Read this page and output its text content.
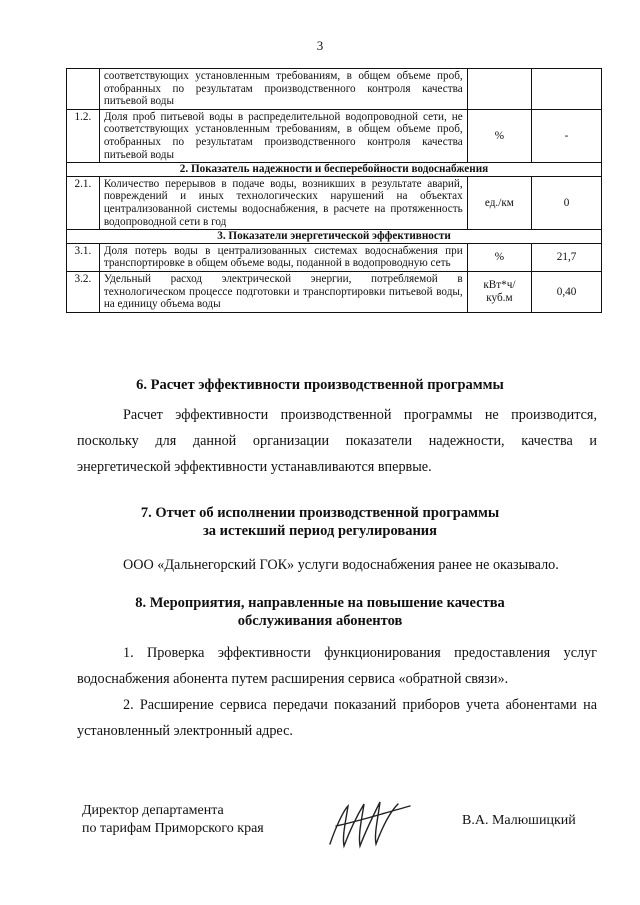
3
	соответствующих установленным требованиям, в общем объеме проб, отобранных по результатам производственного контроля качества питьевой воды		
1.2.	Доля проб питьевой воды в распределительной водопроводной сети, не соответствующих установленным требованиям, в общем объеме проб, отобранных по результатам производственного контроля качества питьевой воды	%	-
2. Показатель надежности и бесперебойности водоснабжения			
2.1.	Количество перерывов в подаче воды, возникших в результате аварий, повреждений и иных технологических нарушений на объектах централизованной системы водоснабжения, в расчете на протяженность водопроводной сети в год	ед./км	0
3. Показатели энергетической эффективности			
3.1.	Доля потерь воды в централизованных системах водоснабжения при транспортировке в общем объеме воды, поданной в водопроводную сеть	%	21,7
3.2.	Удельный расход электрической энергии, потребляемой в технологическом процессе подготовки и транспортировки питьевой воды, на единицу объема воды	кВт*ч/ куб.м	0,40
6. Расчет эффективности производственной программы
Расчет эффективности производственной программы не производится, поскольку для данной организации показатели надежности, качества и энергетической эффективности устанавливаются впервые.
7. Отчет об исполнении производственной программы
за истекший период регулирования
ООО «Дальнегорский ГОК» услуги водоснабжения ранее не оказывало.
8. Мероприятия, направленные на повышение качества
обслуживания абонентов
1. Проверка эффективности функционирования предоставления услуг водоснабжения абонента путем расширения сервиса «обратной связи».
2. Расширение сервиса передачи показаний приборов учета абонентами на установленный электронный адрес.
Директор департамента
по тарифам Приморского края
В.А. Малюшицкий
